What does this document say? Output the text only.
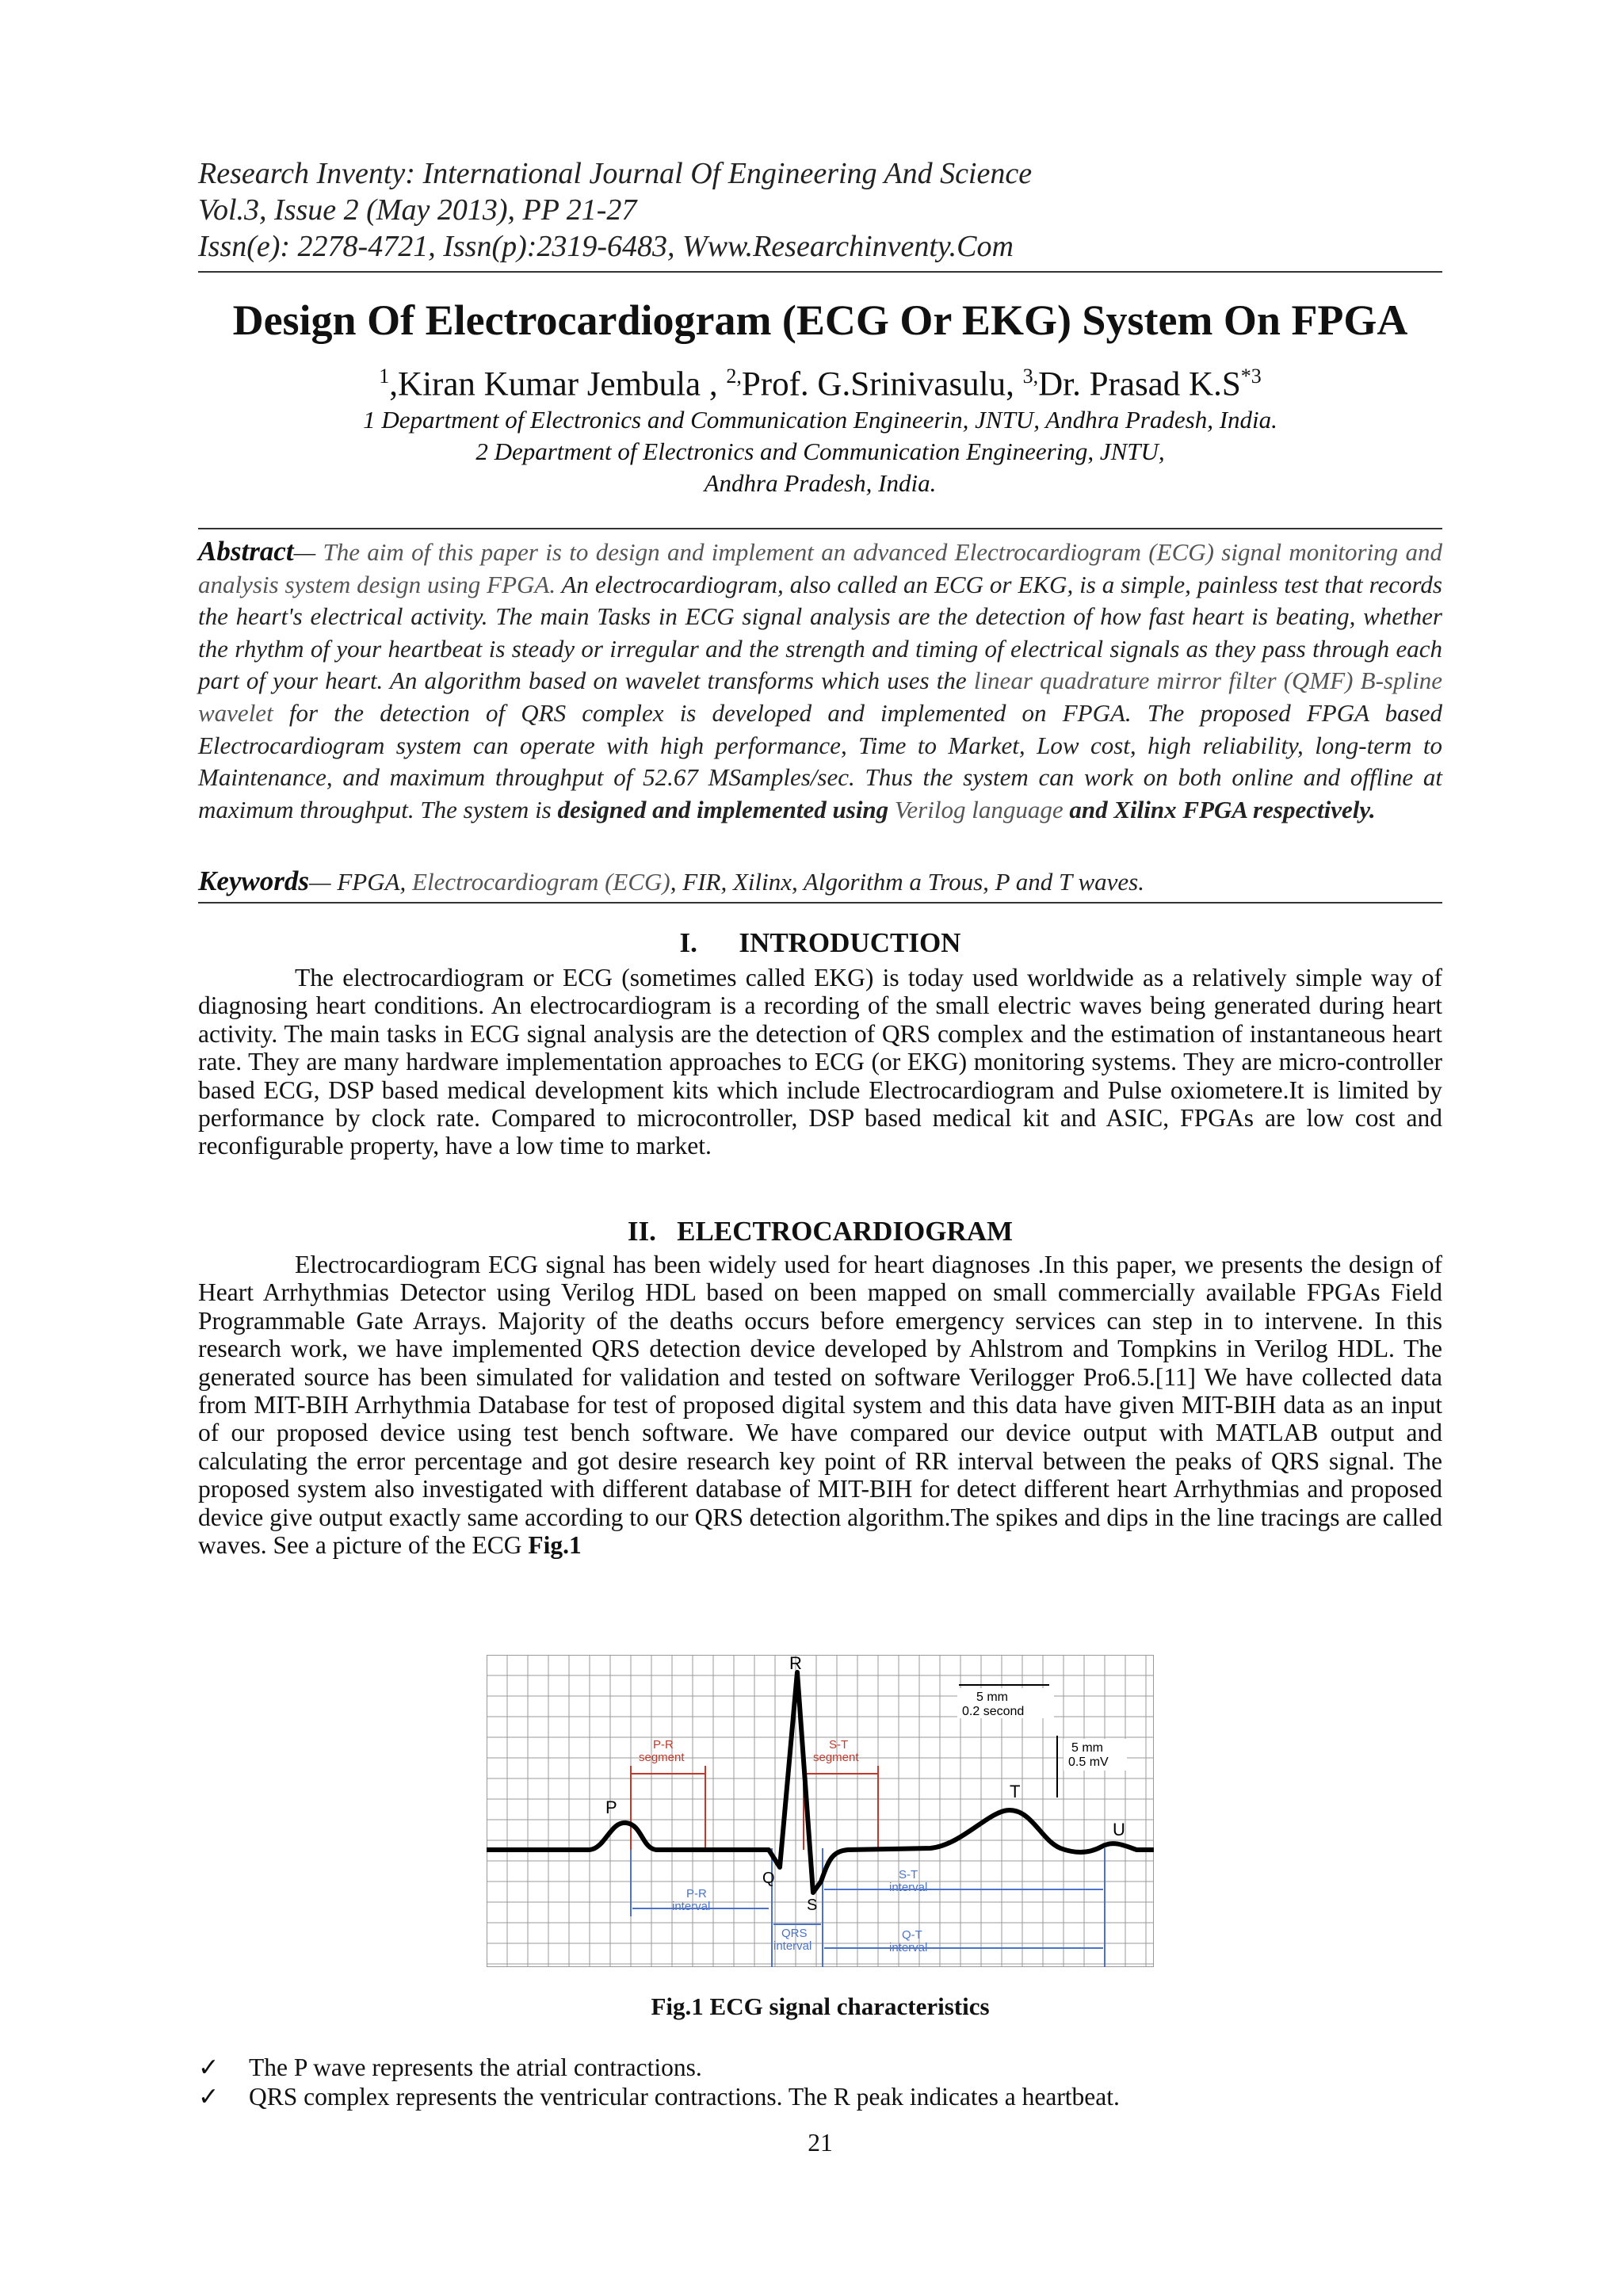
Research Inventy: International Journal Of Engineering And Science
Vol.3, Issue 2 (May 2013), PP 21-27
Issn(e): 2278-4721, Issn(p):2319-6483, Www.Researchinventy.Com
Design Of Electrocardiogram (ECG Or EKG) System On FPGA
$^1$,Kiran Kumar Jembula , $^{2,}$Prof. G.Srinivasulu, $^{3,}$Dr. Prasad $K.S^{*3}$
1 Department of Electronics and Communication Engineerin, JNTU, Andhra Pradesh, India.
2 Department of Electronics and Communication Engineering, JNTU,
Andhra Pradesh, India.
Abstract— The aim of this paper is to design and implement an advanced Electrocardiogram (ECG) signal monitoring and analysis system design using FPGA. An electrocardiogram, also called an ECG or EKG, is a simple, painless test that records the heart's electrical activity. The main Tasks in ECG signal analysis are the detection of how fast heart is beating, whether the rhythm of your heartbeat is steady or irregular and the strength and timing of electrical signals as they pass through each part of your heart. An algorithm based on wavelet transforms which uses the linear quadrature mirror filter (QMF) B-spline wavelet for the detection of QRS complex is developed and implemented on FPGA. The proposed FPGA based Electrocardiogram system can operate with high performance, Time to Market, Low cost, high reliability, long-term to Maintenance, and maximum throughput of 52.67 MSamples/sec. Thus the system can work on both online and offline at maximum throughput. The system is designed and implemented using Verilog language and Xilinx FPGA respectively.
Keywords— FPGA, Electrocardiogram (ECG), FIR, Xilinx, Algorithm a Trous, P and T waves.
I.      INTRODUCTION

The electrocardiogram or ECG (sometimes called EKG) is today used worldwide as a relatively simple way of diagnosing heart conditions. An electrocardiogram is a recording of the small electric waves being generated during heart activity. The main tasks in ECG signal analysis are the detection of QRS complex and the estimation of instantaneous heart rate. They are many hardware implementation approaches to ECG (or EKG) monitoring systems. They are micro-controller based ECG, DSP based medical development kits which include Electrocardiogram and Pulse oxiometere.It is limited by performance by clock rate. Compared to microcontroller, DSP based medical kit and ASIC, FPGAs are low cost and reconfigurable property, have a low time to market.

II.   ELECTROCARDIOGRAM

Electrocardiogram ECG signal has been widely used for heart diagnoses .In this paper, we presents the design of Heart Arrhythmias Detector using Verilog HDL based on been mapped on small commercially available FPGAs Field Programmable Gate Arrays. Majority of the deaths occurs before emergency services can step in to intervene. In this research work, we have implemented QRS detection device developed by Ahlstrom and Tompkins in Verilog HDL. The generated source has been simulated for validation and tested on software Verilogger Pro6.5.[11] We have collected data from MIT-BIH Arrhythmia Database for test of proposed digital system and this data have given MIT-BIH data as an input of our proposed device using test bench software. We have compared our device output with MATLAB output and calculating the error percentage and got desire research key point of RR interval between the peaks of QRS signal. The proposed system also investigated with different database of MIT-BIH for detect different heart Arrhythmias and proposed device give output exactly same according to our QRS detection algorithm.The spikes and dips in the line tracings are called waves. See a picture of the ECG Fig.1

5 mm
0.2 second
5 mm
0.5 mV
P-R
segment
S-T
segment
P-R
interval
QRS
interval
S-T
interval
Q-T
interval
R
P
T
U
Q
S
Fig.1 ECG signal characteristics
✓ The P wave represents the atrial contractions.
✓ QRS complex represents the ventricular contractions. The R peak indicates a heartbeat.
21
